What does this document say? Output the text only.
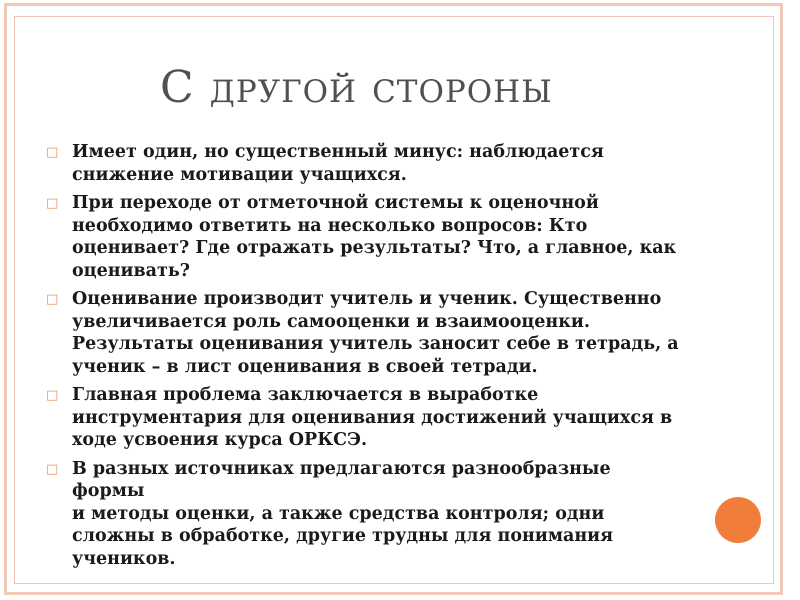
С другой стороны
□ Имеет один, но существенный минус: наблюдается
снижение мотивации учащихся.
□ При переходе от отметочной системы к оценочной
необходимо ответить на несколько вопросов: Кто
оценивает? Где отражать результаты? Что, а главное, как
оценивать?
□ Оценивание производит учитель и ученик. Существенно
увеличивается роль самооценки и взаимооценки.
Результаты оценивания учитель заносит себе в тетрадь, а
ученик – в лист оценивания в своей тетради.
□ Главная проблема заключается в выработке
инструментария для оценивания достижений учащихся в
ходе усвоения курса ОРКСЭ.
□ В разных источниках предлагаются разнообразные формы
и методы оценки, а также средства контроля; одни
сложны в обработке, другие трудны для понимания
учеников.
